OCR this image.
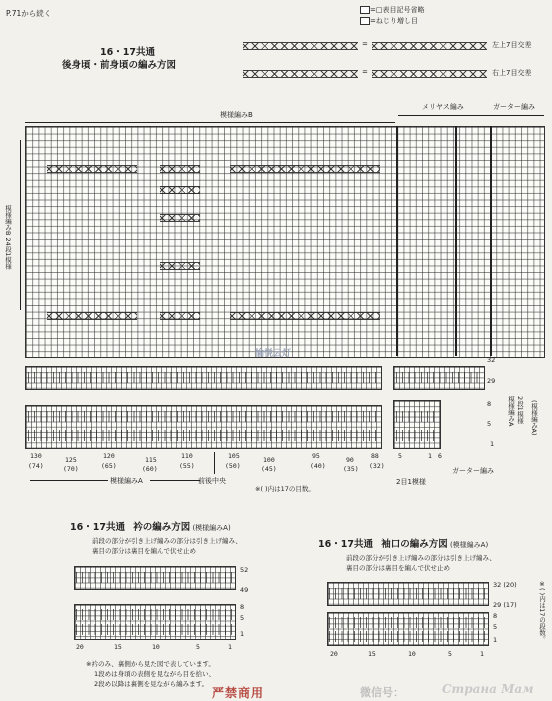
P.71から続く	=□表目記号省略
=ねじり増し目
16・17共通
後身頃・前身頃の編み方図
=	左上7目交差
=	右上7目交差
模様編みB
メリヤス編み	ガーター編み
模様編みB 24段1模様
32
29
8
5
1
模様編みA 2段1模様 (模様編みA)
130	125	120	115	110	105	100	95	90	88
(74)	(70)	(65)	(60)	(55)	(50)	(45)	(40)	(35) (32)
5	1 6
模様編みA	前後中央	2目1模様
ガーター編み
※( )内は17の目数。
16・17共通 衿の編み方図 (模様編みA)
前段の部分が引き上げ編みの部分は引き上げ編み、
裏目の部分は裏目を編んで伏せ止め
52
49
8
5
1
20	15	10	5	1
※衿のみ、裏側から見た図で表しています。
1段めは身頃の表側を見ながら目を拾い、
2段め以降は裏側を見ながら編みます。
16・17共通 袖口の編み方図 (模様編みA)
前段の部分が引き上げ編みの部分は引き上げ編み、
裏目の部分は裏目を編んで伏せ止め
32 (20)
29 (17)
8
5
1
20	15	10	5	1
※( )内は17の段数。
严禁商用
愉悦云灯
微信号：	Страна Мам
